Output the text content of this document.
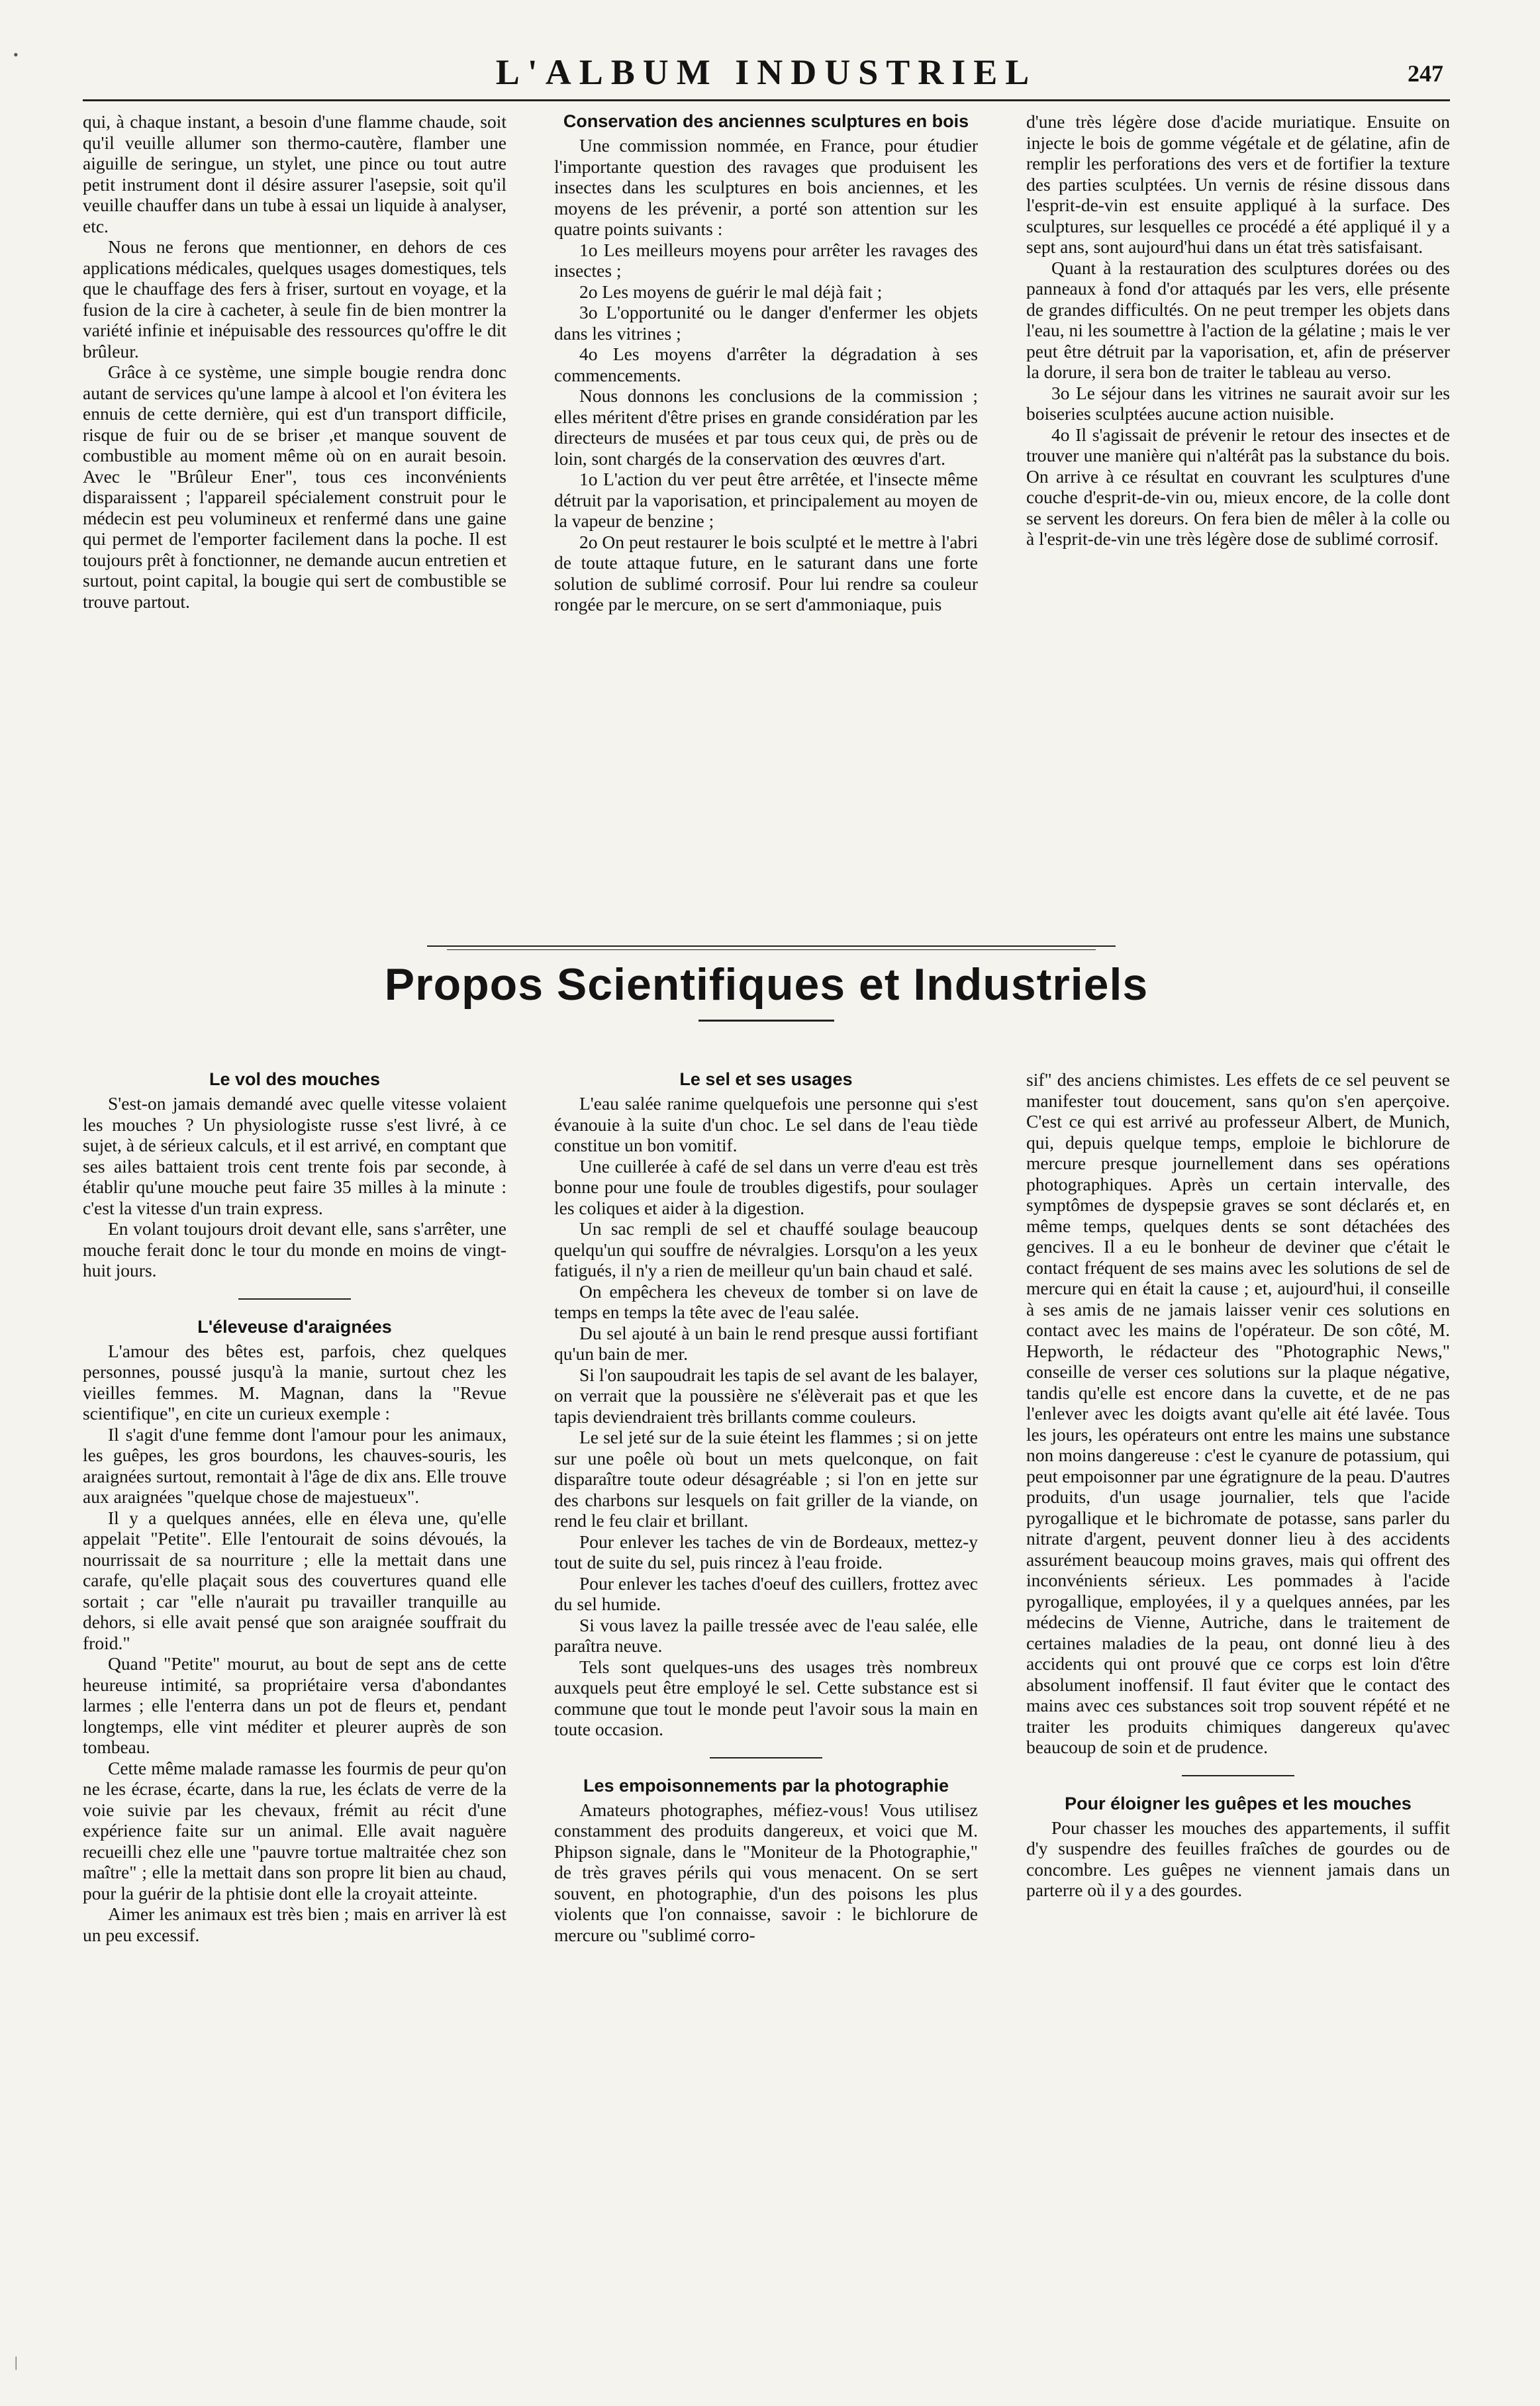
L'ALBUM INDUSTRIEL	247

qui, à chaque instant, a besoin d'une flamme chaude, soit qu'il veuille allumer son thermo-cautère, flamber une aiguille de seringue, un stylet, une pince ou tout autre petit instrument dont il désire assurer l'asepsie, soit qu'il veuille chauffer dans un tube à essai un liquide à analyser, etc.

Nous ne ferons que mentionner, en dehors de ces applications médicales, quelques usages domestiques, tels que le chauffage des fers à friser, surtout en voyage, et la fusion de la cire à cacheter, à seule fin de bien montrer la variété infinie et inépuisable des ressources qu'offre le dit brûleur.

Grâce à ce système, une simple bougie rendra donc autant de services qu'une lampe à alcool et l'on évitera les ennuis de cette dernière, qui est d'un transport difficile, risque de fuir ou de se briser ,et manque souvent de combustible au moment même où on en aurait besoin. Avec le "Brûleur Ener", tous ces inconvénients disparaissent ; l'appareil spécialement construit pour le médecin est peu volumineux et renfermé dans une gaine qui permet de l'emporter facilement dans la poche. Il est toujours prêt à fonctionner, ne demande aucun entretien et surtout, point capital, la bougie qui sert de combustible se trouve partout.

Conservation des anciennes sculptures en bois

Une commission nommée, en France, pour étudier l'importante question des ravages que produisent les insectes dans les sculptures en bois anciennes, et les moyens de les prévenir, a porté son attention sur les quatre points suivants :

1o Les meilleurs moyens pour arrêter les ravages des insectes ;

2o Les moyens de guérir le mal déjà fait ;

3o L'opportunité ou le danger d'enfermer les objets dans les vitrines ;

4o Les moyens d'arrêter la dégradation à ses commencements.

Nous donnons les conclusions de la commission ; elles méritent d'être prises en grande considération par les directeurs de musées et par tous ceux qui, de près ou de loin, sont chargés de la conservation des œuvres d'art.

1o L'action du ver peut être arrêtée, et l'insecte même détruit par la vaporisation, et principalement au moyen de la vapeur de benzine ;

2o On peut restaurer le bois sculpté et le mettre à l'abri de toute attaque future, en le saturant dans une forte solution de sublimé corrosif. Pour lui rendre sa couleur rongée par le mercure, on se sert d'ammoniaque, puis

d'une très légère dose d'acide muriatique. Ensuite on injecte le bois de gomme végétale et de gélatine, afin de remplir les perforations des vers et de fortifier la texture des parties sculptées. Un vernis de résine dissous dans l'esprit-de-vin est ensuite appliqué à la surface. Des sculptures, sur lesquelles ce procédé a été appliqué il y a sept ans, sont aujourd'hui dans un état très satisfaisant.

Quant à la restauration des sculptures dorées ou des panneaux à fond d'or attaqués par les vers, elle présente de grandes difficultés. On ne peut tremper les objets dans l'eau, ni les soumettre à l'action de la gélatine ; mais le ver peut être détruit par la vaporisation, et, afin de préserver la dorure, il sera bon de traiter le tableau au verso.

3o Le séjour dans les vitrines ne saurait avoir sur les boiseries sculptées aucune action nuisible.

4o Il s'agissait de prévenir le retour des insectes et de trouver une manière qui n'altérât pas la substance du bois. On arrive à ce résultat en couvrant les sculptures d'une couche d'esprit-de-vin ou, mieux encore, de la colle dont se servent les doreurs. On fera bien de mêler à la colle ou à l'esprit-de-vin une très légère dose de sublimé corrosif.

Propos Scientifiques et Industriels
Le vol des mouches

S'est-on jamais demandé avec quelle vitesse volaient les mouches ? Un physiologiste russe s'est livré, à ce sujet, à de sérieux calculs, et il est arrivé, en comptant que ses ailes battaient trois cent trente fois par seconde, à établir qu'une mouche peut faire 35 milles à la minute : c'est la vitesse d'un train express.

En volant toujours droit devant elle, sans s'arrêter, une mouche ferait donc le tour du monde en moins de vingt-huit jours.

L'éleveuse d'araignées

L'amour des bêtes est, parfois, chez quelques personnes, poussé jusqu'à la manie, surtout chez les vieilles femmes. M. Magnan, dans la "Revue scientifique", en cite un curieux exemple :

Il s'agit d'une femme dont l'amour pour les animaux, les guêpes, les gros bourdons, les chauves-souris, les araignées surtout, remontait à l'âge de dix ans. Elle trouve aux araignées "quelque chose de majestueux".

Il y a quelques années, elle en éleva une, qu'elle appelait "Petite". Elle l'entourait de soins dévoués, la nourrissait de sa nourriture ; elle la mettait dans une carafe, qu'elle plaçait sous des couvertures quand elle sortait ; car "elle n'aurait pu travailler tranquille au dehors, si elle avait pensé que son araignée souffrait du froid."

Quand "Petite" mourut, au bout de sept ans de cette heureuse intimité, sa propriétaire versa d'abondantes larmes ; elle l'enterra dans un pot de fleurs et, pendant longtemps, elle vint méditer et pleurer auprès de son tombeau.

Cette même malade ramasse les fourmis de peur qu'on ne les écrase, écarte, dans la rue, les éclats de verre de la voie suivie par les chevaux, frémit au récit d'une expérience faite sur un animal. Elle avait naguère recueilli chez elle une "pauvre tortue maltraitée chez son maître" ; elle la mettait dans son propre lit bien au chaud, pour la guérir de la phtisie dont elle la croyait atteinte.

Aimer les animaux est très bien ; mais en arriver là est un peu excessif.

Le sel et ses usages

L'eau salée ranime quelquefois une personne qui s'est évanouie à la suite d'un choc. Le sel dans de l'eau tiède constitue un bon vomitif.

Une cuillerée à café de sel dans un verre d'eau est très bonne pour une foule de troubles digestifs, pour soulager les coliques et aider à la digestion.

Un sac rempli de sel et chauffé soulage beaucoup quelqu'un qui souffre de névralgies. Lorsqu'on a les yeux fatigués, il n'y a rien de meilleur qu'un bain chaud et salé.

On empêchera les cheveux de tomber si on lave de temps en temps la tête avec de l'eau salée.

Du sel ajouté à un bain le rend presque aussi fortifiant qu'un bain de mer.

Si l'on saupoudrait les tapis de sel avant de les balayer, on verrait que la poussière ne s'élèverait pas et que les tapis deviendraient très brillants comme couleurs.

Le sel jeté sur de la suie éteint les flammes ; si on jette sur une poêle où bout un mets quelconque, on fait disparaître toute odeur désagréable ; si l'on en jette sur des charbons sur lesquels on fait griller de la viande, on rend le feu clair et brillant.

Pour enlever les taches de vin de Bordeaux, mettez-y tout de suite du sel, puis rincez à l'eau froide.

Pour enlever les taches d'oeuf des cuillers, frottez avec du sel humide.

Si vous lavez la paille tressée avec de l'eau salée, elle paraîtra neuve.

Tels sont quelques-uns des usages très nombreux auxquels peut être employé le sel. Cette substance est si commune que tout le monde peut l'avoir sous la main en toute occasion.

Les empoisonnements par la photographie

Amateurs photographes, méfiez-vous! Vous utilisez constamment des produits dangereux, et voici que M. Phipson signale, dans le "Moniteur de la Photographie," de très graves périls qui vous menacent. On se sert souvent, en photographie, d'un des poisons les plus violents que l'on connaisse, savoir : le bichlorure de mercure ou "sublimé corro-

sif" des anciens chimistes. Les effets de ce sel peuvent se manifester tout doucement, sans qu'on s'en aperçoive. C'est ce qui est arrivé au professeur Albert, de Munich, qui, depuis quelque temps, emploie le bichlorure de mercure presque journellement dans ses opérations photographiques. Après un certain intervalle, des symptômes de dyspepsie graves se sont déclarés et, en même temps, quelques dents se sont détachées des gencives. Il a eu le bonheur de deviner que c'était le contact fréquent de ses mains avec les solutions de sel de mercure qui en était la cause ; et, aujourd'hui, il conseille à ses amis de ne jamais laisser venir ces solutions en contact avec les mains de l'opérateur. De son côté, M. Hepworth, le rédacteur des "Photographic News," conseille de verser ces solutions sur la plaque négative, tandis qu'elle est encore dans la cuvette, et de ne pas l'enlever avec les doigts avant qu'elle ait été lavée. Tous les jours, les opérateurs ont entre les mains une substance non moins dangereuse : c'est le cyanure de potassium, qui peut empoisonner par une égratignure de la peau. D'autres produits, d'un usage journalier, tels que l'acide pyrogallique et le bichromate de potasse, sans parler du nitrate d'argent, peuvent donner lieu à des accidents assurément beaucoup moins graves, mais qui offrent des inconvénients sérieux. Les pommades à l'acide pyrogallique, employées, il y a quelques années, par les médecins de Vienne, Autriche, dans le traitement de certaines maladies de la peau, ont donné lieu à des accidents qui ont prouvé que ce corps est loin d'être absolument inoffensif. Il faut éviter que le contact des mains avec ces substances soit trop souvent répété et ne traiter les produits chimiques dangereux qu'avec beaucoup de soin et de prudence.

Pour éloigner les guêpes et les mouches

Pour chasser les mouches des appartements, il suffit d'y suspendre des feuilles fraîches de gourdes ou de concombre. Les guêpes ne viennent jamais dans un parterre où il y a des gourdes.

•
|
